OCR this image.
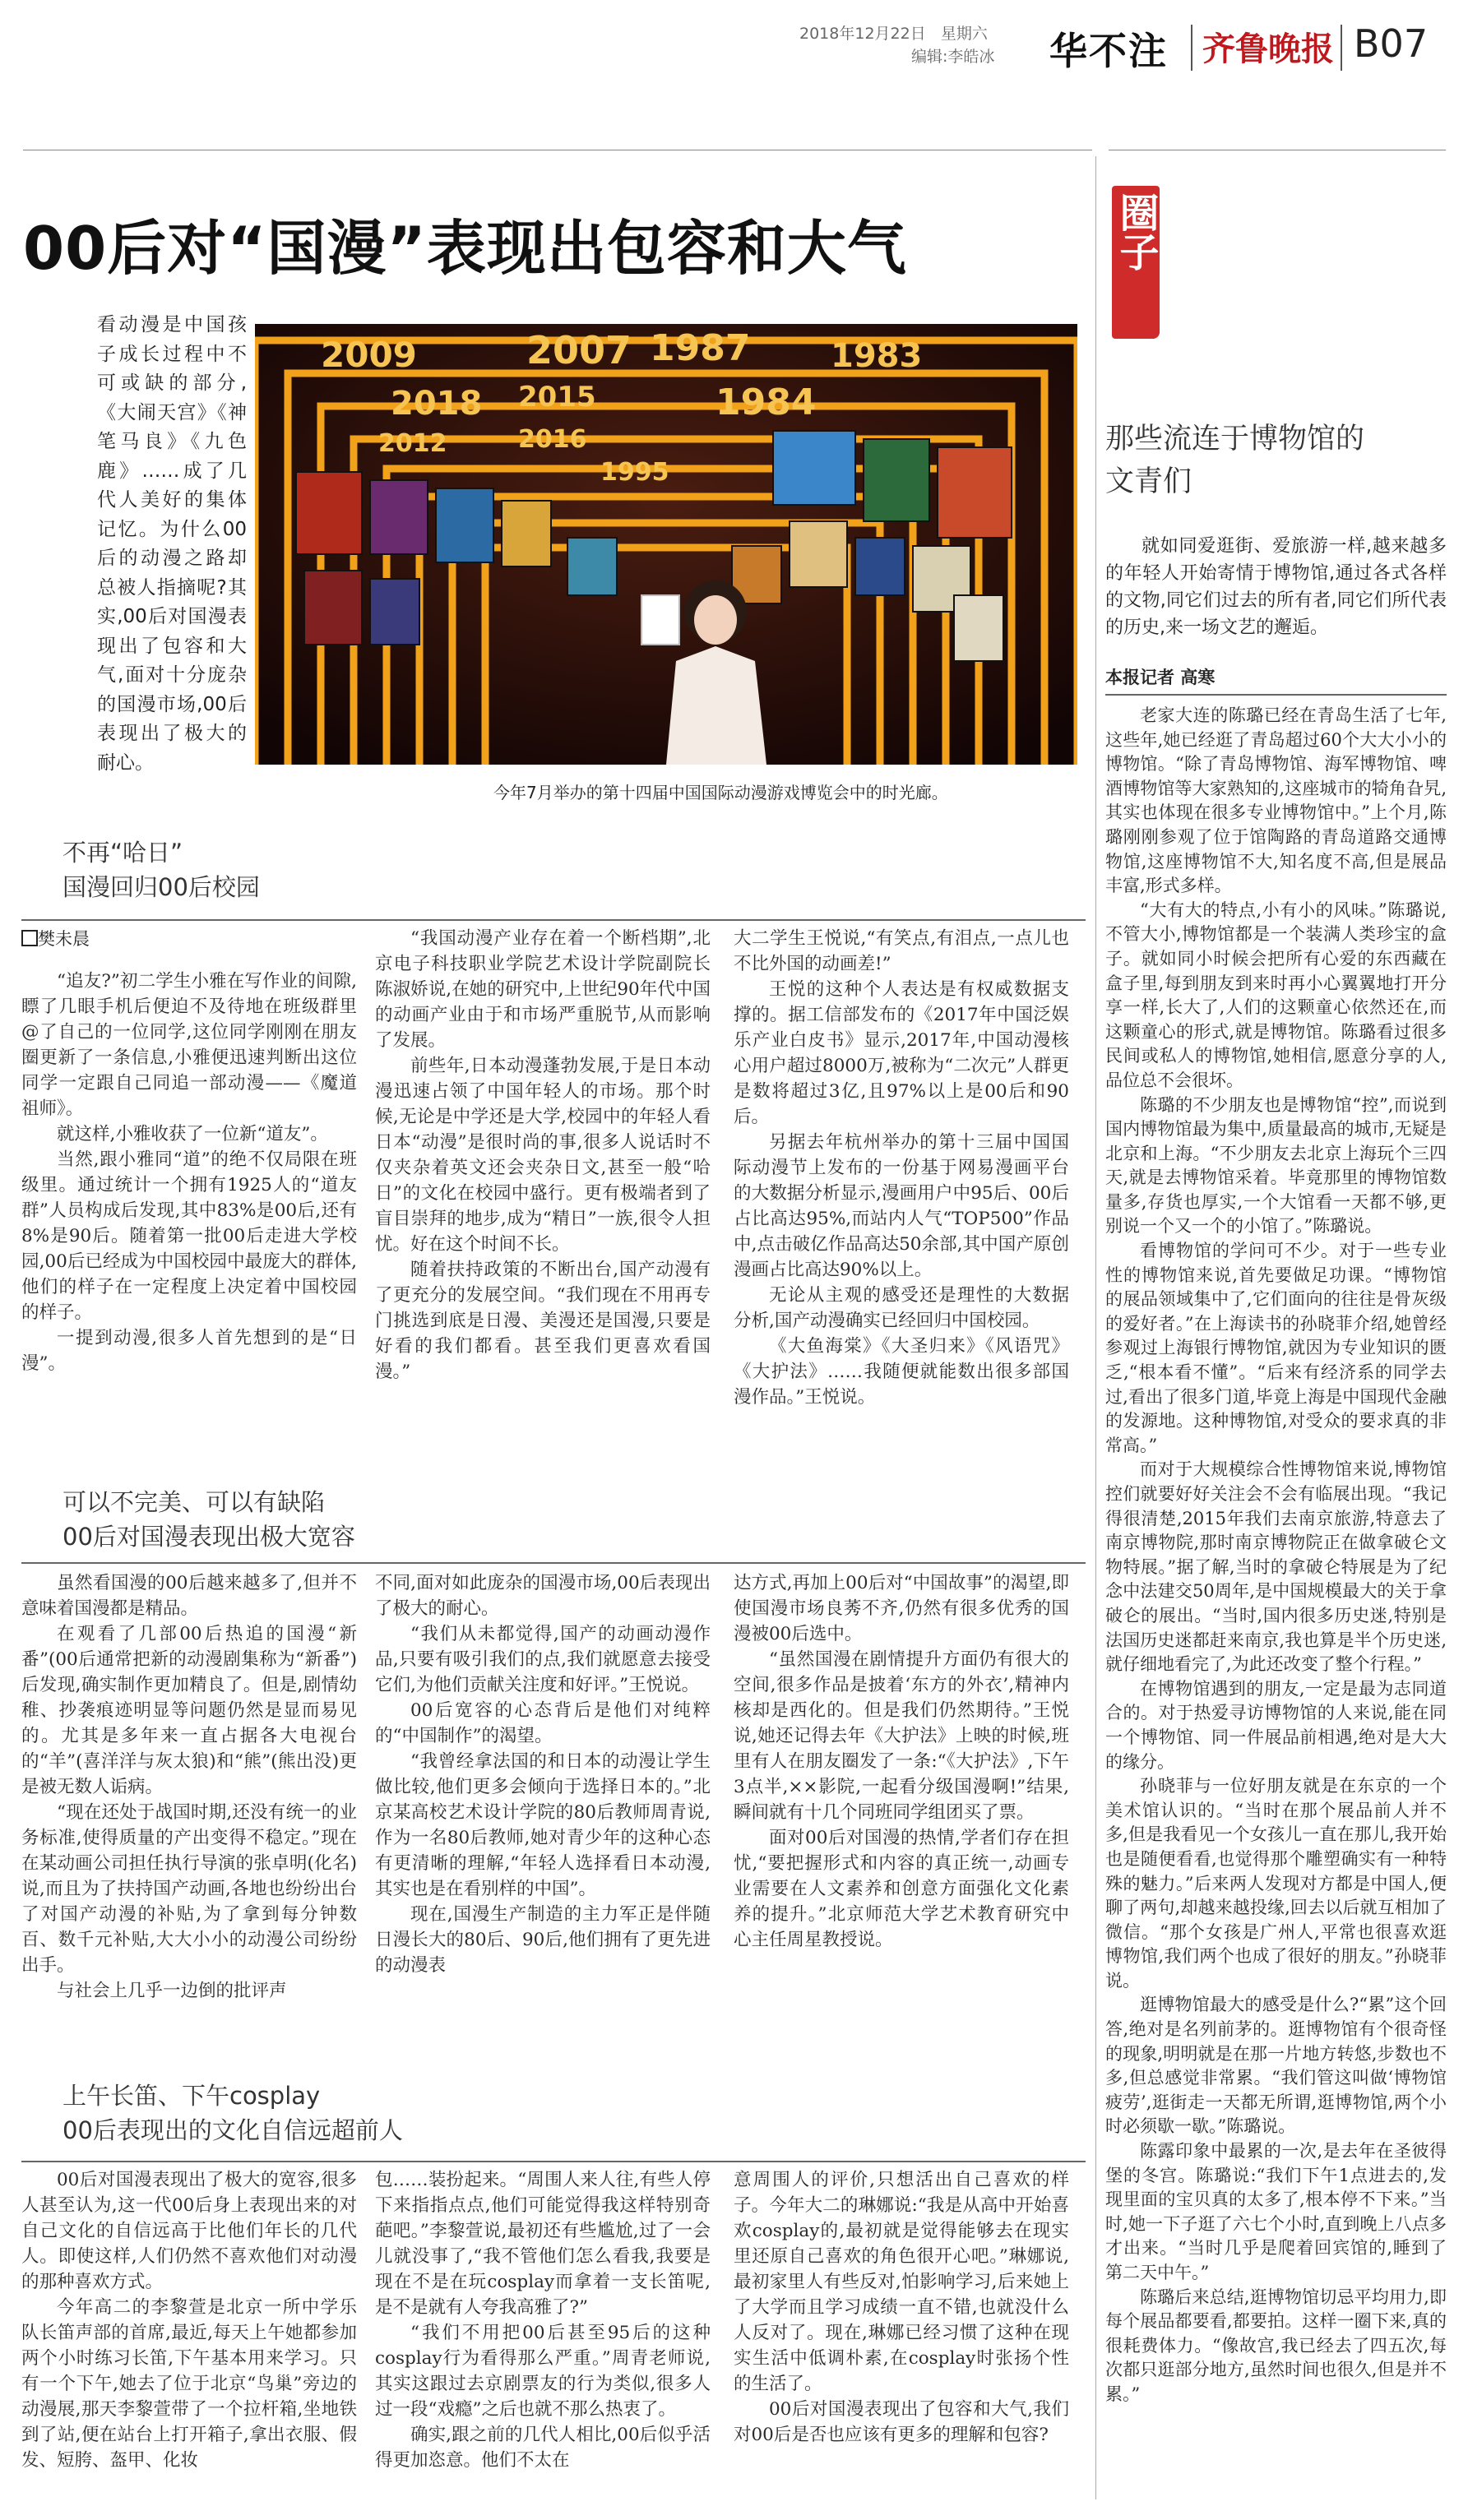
2018年12月22日 星期六
编辑:李皓冰 华不注 齐鲁晚报 B07
00后对“国漫”表现出包容和大气
看动漫是中国孩子成长过程中不可或缺的部分,《大闹天宫》《神笔马良》《九色鹿》……成了几代人美好的集体记忆。为什么00后的动漫之路却总被人指摘呢?其实,00后对国漫表现出了包容和大气,面对十分庞杂的国漫市场,00后表现出了极大的耐心。
2009	2007 1987
1984
1983
2018 2015
2012	2016
1995
今年7月举办的第十四届中国国际动漫游戏博览会中的时光廊。
不再“哈日”
国漫回归00后校园
樊未晨

“追友?”初二学生小雅在写作业的间隙,瞟了几眼手机后便迫不及待地在班级群里@了自己的一位同学,这位同学刚刚在朋友圈更新了一条信息,小雅便迅速判断出这位同学一定跟自己同追一部动漫——《魔道祖师》。

就这样,小雅收获了一位新“道友”。

当然,跟小雅同“道”的绝不仅局限在班级里。通过统计一个拥有1925人的“道友群”人员构成后发现,其中83%是00后,还有8%是90后。随着第一批00后走进大学校园,00后已经成为中国校园中最庞大的群体,他们的样子在一定程度上决定着中国校园的样子。

一提到动漫,很多人首先想到的是“日漫”。

“我国动漫产业存在着一个断档期”,北京电子科技职业学院艺术设计学院副院长陈淑娇说,在她的研究中,上世纪90年代中国的动画产业由于和市场严重脱节,从而影响了发展。

前些年,日本动漫蓬勃发展,于是日本动漫迅速占领了中国年轻人的市场。那个时候,无论是中学还是大学,校园中的年轻人看日本“动漫”是很时尚的事,很多人说话时不仅夹杂着英文还会夹杂日文,甚至一般“哈日”的文化在校园中盛行。更有极端者到了盲目崇拜的地步,成为“精日”一族,很令人担忧。好在这个时间不长。

随着扶持政策的不断出台,国产动漫有了更充分的发展空间。“我们现在不用再专门挑选到底是日漫、美漫还是国漫,只要是好看的我们都看。甚至我们更喜欢看国漫。”

大二学生王悦说,“有笑点,有泪点,一点儿也不比外国的动画差!”

王悦的这种个人表达是有权威数据支撑的。据工信部发布的《2017年中国泛娱乐产业白皮书》显示,2017年,中国动漫核心用户超过8000万,被称为“二次元”人群更是数将超过3亿,且97%以上是00后和90后。

另据去年杭州举办的第十三届中国国际动漫节上发布的一份基于网易漫画平台的大数据分析显示,漫画用户中95后、00后占比高达95%,而站内人气“TOP500”作品中,点击破亿作品高达50余部,其中国产原创漫画占比高达90%以上。

无论从主观的感受还是理性的大数据分析,国产动漫确实已经回归中国校园。

《大鱼海棠》《大圣归来》《风语咒》《大护法》……我随便就能数出很多部国漫作品。”王悦说。

可以不完美、可以有缺陷
00后对国漫表现出极大宽容

虽然看国漫的00后越来越多了,但并不意味着国漫都是精品。

在观看了几部00后热追的国漫“新番”(00后通常把新的动漫剧集称为“新番”)后发现,确实制作更加精良了。但是,剧情幼稚、抄袭痕迹明显等问题仍然是显而易见的。尤其是多年来一直占据各大电视台的“羊”(喜洋洋与灰太狼)和“熊”(熊出没)更是被无数人诟病。

“现在还处于战国时期,还没有统一的业务标准,使得质量的产出变得不稳定。”现在在某动画公司担任执行导演的张卓明(化名)说,而且为了扶持国产动画,各地也纷纷出台了对国产动漫的补贴,为了拿到每分钟数百、数千元补贴,大大小小的动漫公司纷纷出手。

与社会上几乎一边倒的批评声

不同,面对如此庞杂的国漫市场,00后表现出了极大的耐心。

“我们从未都觉得,国产的动画动漫作品,只要有吸引我们的点,我们就愿意去接受它们,为他们贡献关注度和好评。”王悦说。

00后宽容的心态背后是他们对纯粹的“中国制作”的渴望。

“我曾经拿法国的和日本的动漫让学生做比较,他们更多会倾向于选择日本的。”北京某高校艺术设计学院的80后教师周青说,作为一名80后教师,她对青少年的这种心态有更清晰的理解,“年轻人选择看日本动漫,其实也是在看别样的中国”。

现在,国漫生产制造的主力军正是伴随日漫长大的80后、90后,他们拥有了更先进的动漫表

达方式,再加上00后对“中国故事”的渴望,即使国漫市场良莠不齐,仍然有很多优秀的国漫被00后选中。

“虽然国漫在剧情提升方面仍有很大的空间,很多作品是披着‘东方的外衣’,精神内核却是西化的。但是我们仍然期待。”王悦说,她还记得去年《大护法》上映的时候,班里有人在朋友圈发了一条:“《大护法》,下午3点半,××影院,一起看分级国漫啊!”结果,瞬间就有十几个同班同学组团买了票。

面对00后对国漫的热情,学者们存在担忧,“要把握形式和内容的真正统一,动画专业需要在人文素养和创意方面强化文化素养的提升。”北京师范大学艺术教育研究中心主任周星教授说。

上午长笛、下午cosplay
00后表现出的文化自信远超前人

00后对国漫表现出了极大的宽容,很多人甚至认为,这一代00后身上表现出来的对自己文化的自信远高于比他们年长的几代人。即使这样,人们仍然不喜欢他们对动漫的那种喜欢方式。

今年高二的李黎萱是北京一所中学乐队长笛声部的首席,最近,每天上午她都参加两个小时练习长笛,下午基本用来学习。只有一个下午,她去了位于北京“鸟巢”旁边的动漫展,那天李黎萱带了一个拉杆箱,坐地铁到了站,便在站台上打开箱子,拿出衣服、假发、短胯、盔甲、化妆

包……装扮起来。“周围人来人往,有些人停下来指指点点,他们可能觉得我这样特别奇葩吧。”李黎萱说,最初还有些尴尬,过了一会儿就没事了,“我不管他们怎么看我,我要是现在不是在玩cosplay而拿着一支长笛呢,是不是就有人夸我高雅了?”

“我们不用把00后甚至95后的这种cosplay行为看得那么严重。”周青老师说,其实这跟过去京剧票友的行为类似,很多人过一段“戏瘾”之后也就不那么热衷了。

确实,跟之前的几代人相比,00后似乎活得更加恣意。他们不太在

意周围人的评价,只想活出自己喜欢的样子。今年大二的琳娜说:“我是从高中开始喜欢cosplay的,最初就是觉得能够去在现实里还原自己喜欢的角色很开心吧。”琳娜说,最初家里人有些反对,怕影响学习,后来她上了大学而且学习成绩一直不错,也就没什么人反对了。现在,琳娜已经习惯了这种在现实生活中低调朴素,在cosplay时张扬个性的生活了。

00后对国漫表现出了包容和大气,我们对00后是否也应该有更多的理解和包容?

圈子
那些流连于博物馆的
文青们
就如同爱逛街、爱旅游一样,越来越多的年轻人开始寄情于博物馆,通过各式各样的文物,同它们过去的所有者,同它们所代表的历史,来一场文艺的邂逅。
本报记者 高寒

老家大连的陈璐已经在青岛生活了七年,这些年,她已经逛了青岛超过60个大大小小的博物馆。“除了青岛博物馆、海军博物馆、啤酒博物馆等大家熟知的,这座城市的犄角旮旯,其实也体现在很多专业博物馆中。”上个月,陈璐刚刚参观了位于馆陶路的青岛道路交通博物馆,这座博物馆不大,知名度不高,但是展品丰富,形式多样。

“大有大的特点,小有小的风味。”陈璐说,不管大小,博物馆都是一个装满人类珍宝的盒子。就如同小时候会把所有心爱的东西藏在盒子里,每到朋友到来时再小心翼翼地打开分享一样,长大了,人们的这颗童心依然还在,而这颗童心的形式,就是博物馆。陈璐看过很多民间或私人的博物馆,她相信,愿意分享的人,品位总不会很坏。

陈璐的不少朋友也是博物馆“控”,而说到国内博物馆最为集中,质量最高的城市,无疑是北京和上海。“不少朋友去北京上海玩个三四天,就是去博物馆采着。毕竟那里的博物馆数量多,存货也厚实,一个大馆看一天都不够,更别说一个又一个的小馆了。”陈璐说。

看博物馆的学问可不少。对于一些专业性的博物馆来说,首先要做足功课。“博物馆的展品领域集中了,它们面向的往往是骨灰级的爱好者。”在上海读书的孙晓菲介绍,她曾经参观过上海银行博物馆,就因为专业知识的匮乏,“根本看不懂”。“后来有经济系的同学去过,看出了很多门道,毕竟上海是中国现代金融的发源地。这种博物馆,对受众的要求真的非常高。”

而对于大规模综合性博物馆来说,博物馆控们就要好好关注会不会有临展出现。“我记得很清楚,2015年我们去南京旅游,特意去了南京博物院,那时南京博物院正在做拿破仑文物特展。”据了解,当时的拿破仑特展是为了纪念中法建交50周年,是中国规模最大的关于拿破仑的展出。“当时,国内很多历史迷,特别是法国历史迷都赶来南京,我也算是半个历史迷,就仔细地看完了,为此还改变了整个行程。”

在博物馆遇到的朋友,一定是最为志同道合的。对于热爱寻访博物馆的人来说,能在同一个博物馆、同一件展品前相遇,绝对是大大的缘分。

孙晓菲与一位好朋友就是在东京的一个美术馆认识的。“当时在那个展品前人并不多,但是我看见一个女孩儿一直在那儿,我开始也是随便看看,也觉得那个雕塑确实有一种特殊的魅力。”后来两人发现对方都是中国人,便聊了两句,却越来越投缘,回去以后就互相加了微信。“那个女孩是广州人,平常也很喜欢逛博物馆,我们两个也成了很好的朋友。”孙晓菲说。

逛博物馆最大的感受是什么?“累”这个回答,绝对是名列前茅的。逛博物馆有个很奇怪的现象,明明就是在那一片地方转悠,步数也不多,但总感觉非常累。“我们管这叫做‘博物馆疲劳’,逛街走一天都无所谓,逛博物馆,两个小时必须歇一歇。”陈璐说。

陈露印象中最累的一次,是去年在圣彼得堡的冬宫。陈璐说:“我们下午1点进去的,发现里面的宝贝真的太多了,根本停不下来。”当时,她一下子逛了六七个小时,直到晚上八点多才出来。“当时几乎是爬着回宾馆的,睡到了第二天中午。”

陈璐后来总结,逛博物馆切忌平均用力,即每个展品都要看,都要拍。这样一圈下来,真的很耗费体力。“像故宫,我已经去了四五次,每次都只逛部分地方,虽然时间也很久,但是并不累。”
